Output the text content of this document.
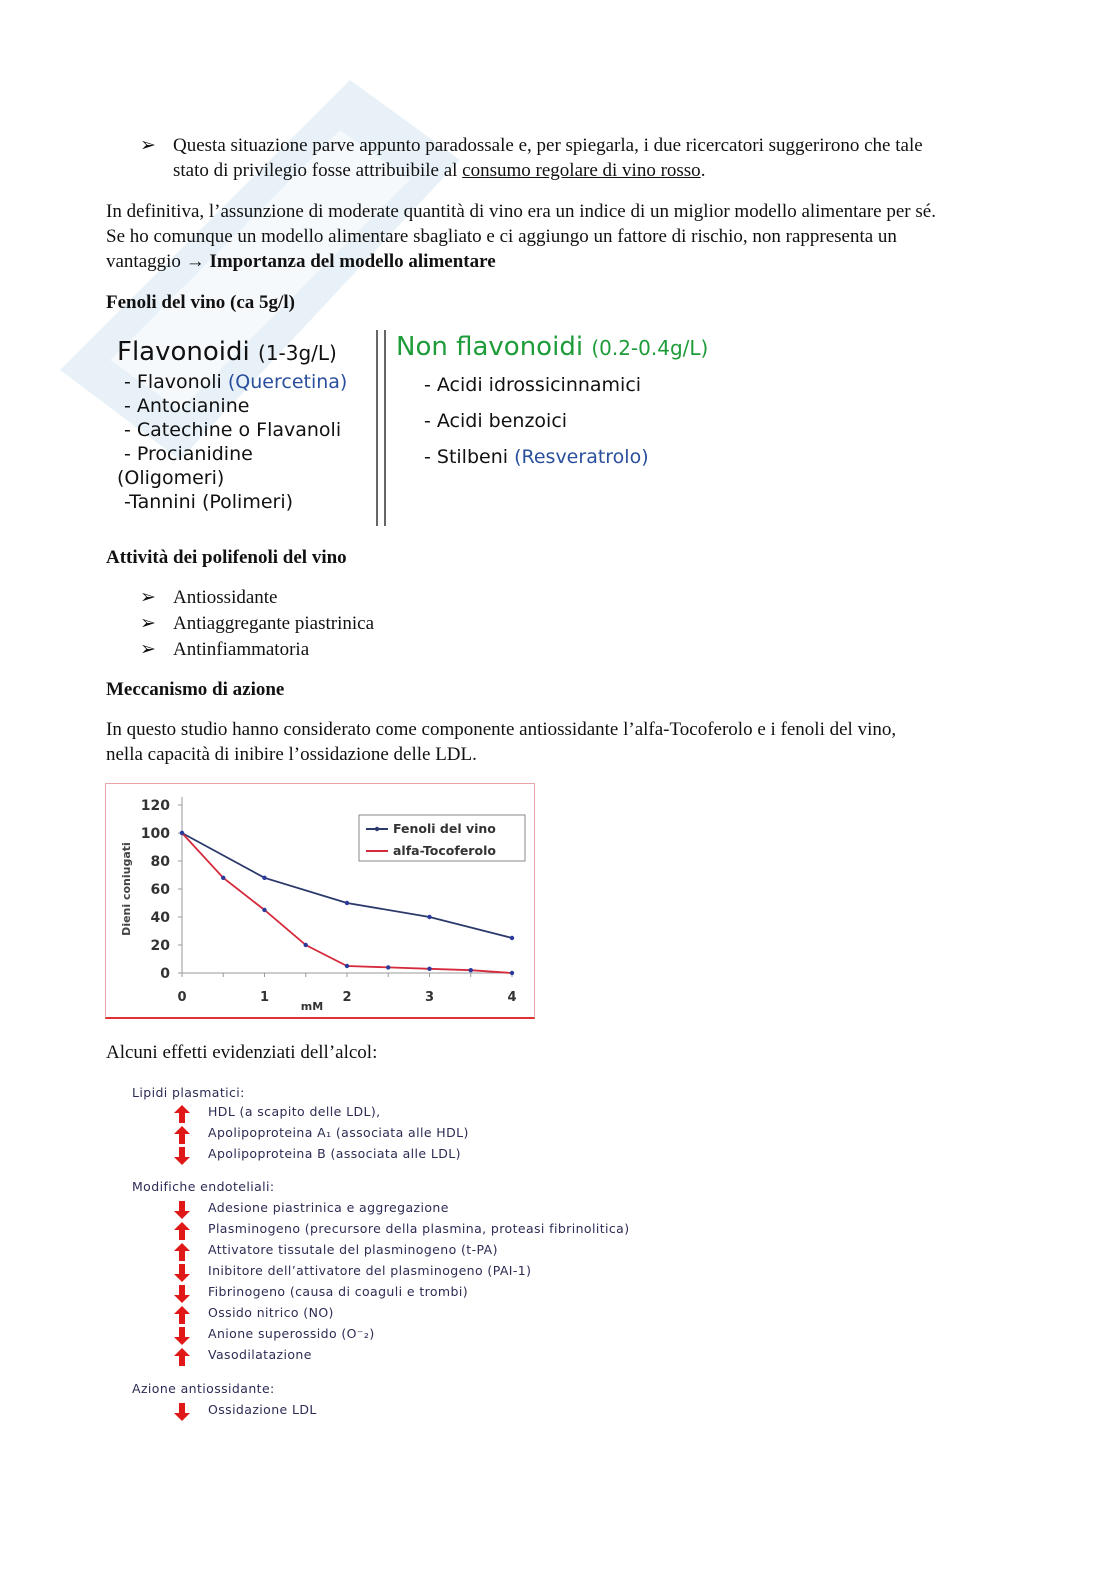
➢ Questa situazione parve appunto paradossale e, per spiegarla, i due ricercatori suggerirono che tale
stato di privilegio fosse attribuibile al consumo regolare di vino rosso.
In definitiva, l’assunzione di moderate quantità di vino era un indice di un miglior modello alimentare per sé.
Se ho comunque un modello alimentare sbagliato e ci aggiungo un fattore di rischio, non rappresenta un
vantaggio → Importanza del modello alimentare
Fenoli del vino (ca 5g/l)
Flavonoidi (1-3g/L)
- Flavonoli (Quercetina)
- Antocianine
- Catechine o Flavanoli
- Procianidine
(Oligomeri)
-Tannini (Polimeri)
Non flavonoidi (0.2-0.4g/L)
- Acidi idrossicinnamici
- Acidi benzoici
- Stilbeni (Resveratrolo)
Attività dei polifenoli del vino
➢ Antiossidante
➢ Antiaggregante piastrinica
➢ Antinfiammatoria
Meccanismo di azione
In questo studio hanno considerato come componente antiossidante l’alfa-Tocoferolo e i fenoli del vino,
nella capacità di inibire l’ossidazione delle LDL.
0
20
40
60
80
100
120
0	1	2	3	4
mM
Dieni coniugati
Fenoli del vino
alfa-Tocoferolo
Alcuni effetti evidenziati dell’alcol:
Lipidi plasmatici:
HDL (a scapito delle LDL),
Apolipoproteina A₁ (associata alle HDL)
Apolipoproteina B (associata alle LDL)
Modifiche endoteliali:
Adesione piastrinica e aggregazione
Plasminogeno (precursore della plasmina, proteasi fibrinolitica)
Attivatore tissutale del plasminogeno (t-PA)
Inibitore dell’attivatore del plasminogeno (PAI-1)
Fibrinogeno (causa di coaguli e trombi)
Ossido nitrico (NO)
Anione superossido (O⁻₂)
Vasodilatazione
Azione antiossidante:
Ossidazione LDL
